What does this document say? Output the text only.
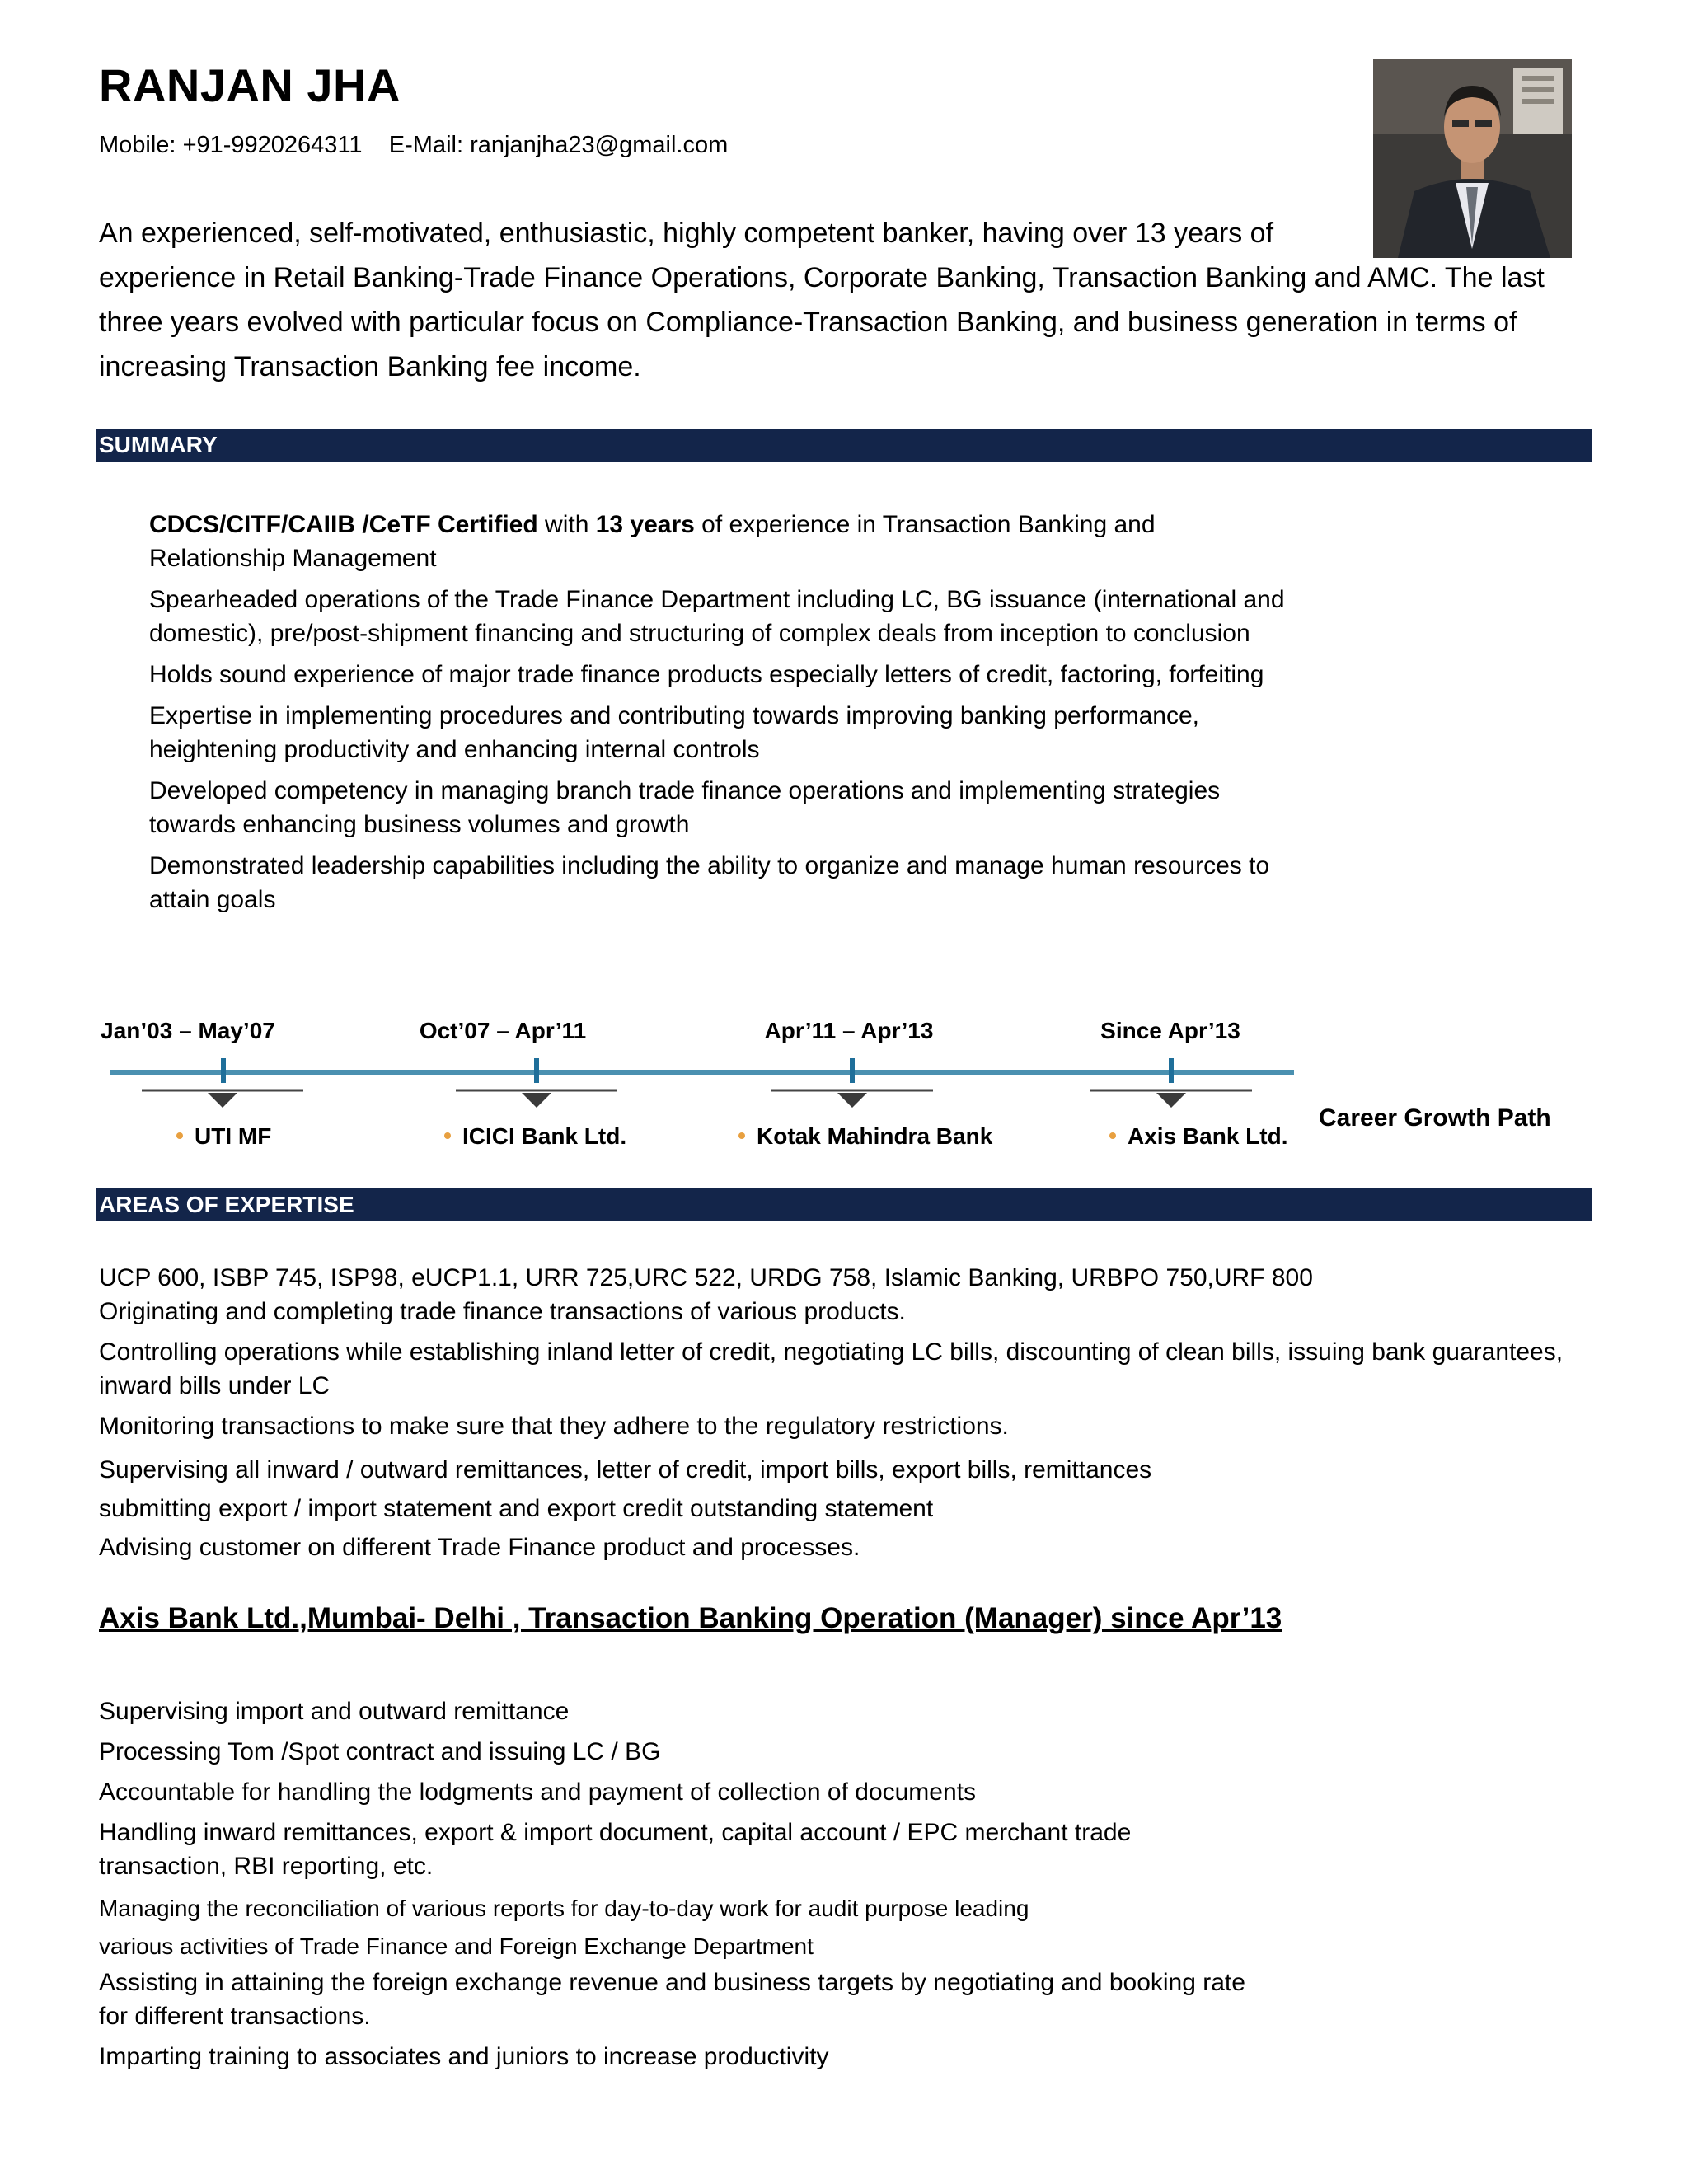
RANJAN JHA
Mobile: +91-9920264311 E-Mail: ranjanjha23@gmail.com

An experienced, self-motivated, enthusiastic, highly competent banker, having over 13 years of
experience in Retail Banking-Trade Finance Operations, Corporate Banking, Transaction Banking and AMC. The last three years evolved with particular focus on Compliance-Transaction Banking, and business generation in terms of increasing Transaction Banking fee income.

SUMMARY

CDCS/CITF/CAIIB /CeTF Certified with 13 years of experience in Transaction Banking and Relationship Management

Spearheaded operations of the Trade Finance Department including LC, BG issuance (international and domestic), pre/post-shipment financing and structuring of complex deals from inception to conclusion

Holds sound experience of major trade finance products especially letters of credit, factoring, forfeiting

Expertise in implementing procedures and contributing towards improving banking performance, heightening productivity and enhancing internal controls

Developed competency in managing branch trade finance operations and implementing strategies towards enhancing business volumes and growth

Demonstrated leadership capabilities including the ability to organize and manage human resources to attain goals

Jan’03 – May’07
UTI MF
Oct’07 – Apr’11
ICICI Bank Ltd.
Apr’11 – Apr’13
Kotak Mahindra Bank
Since Apr’13
Axis Bank Ltd.
Career Growth Path
AREAS OF EXPERTISE

UCP 600, ISBP 745, ISP98, eUCP1.1, URR 725,URC 522, URDG 758, Islamic Banking, URBPO 750,URF 800

Originating and completing trade finance transactions of various products.

Controlling operations while establishing inland letter of credit, negotiating LC bills, discounting of clean bills, issuing bank guarantees, inward bills under LC

Monitoring transactions to make sure that they adhere to the regulatory restrictions.

Supervising all inward / outward remittances, letter of credit, import bills, export bills, remittances

submitting export / import statement and export credit outstanding statement

Advising customer on different Trade Finance product and processes.

Axis Bank Ltd.,Mumbai- Delhi , Transaction Banking Operation (Manager) since Apr’13

Supervising import and outward remittance

Processing Tom /Spot contract and issuing LC / BG

Accountable for handling the lodgments and payment of collection of documents

Handling inward remittances, export & import document, capital account / EPC merchant trade transaction, RBI reporting, etc.

Managing the reconciliation of various reports for day-to-day work for audit purpose leading

various activities of Trade Finance and Foreign Exchange Department

Assisting in attaining the foreign exchange revenue and business targets by negotiating and booking rate for different transactions.

Imparting training to associates and juniors to increase productivity
